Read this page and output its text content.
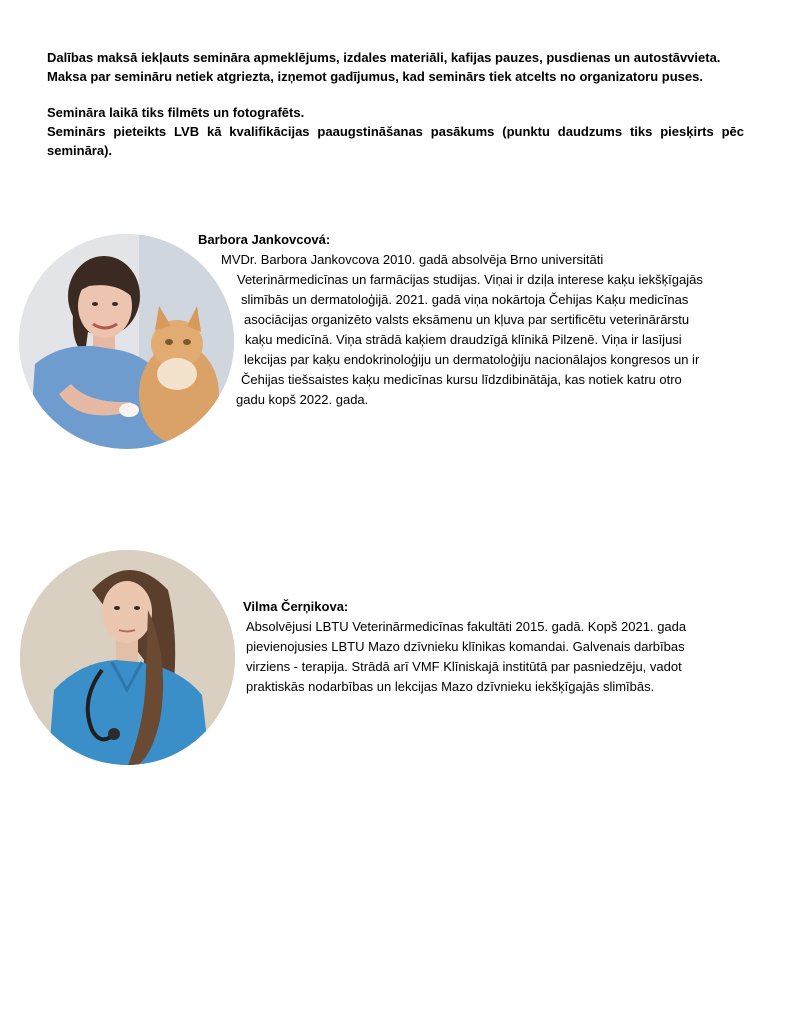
Dalības maksā iekļauts semināra apmeklējums, izdales materiāli, kafijas pauzes, pusdienas un autostāvvieta.

Maksa par semināru netiek atgriezta, izņemot gadījumus, kad seminārs tiek atcelts no organizatoru puses.

Semināra laikā tiks filmēts un fotografēts.

Seminārs pieteikts LVB kā kvalifikācijas paaugstināšanas pasākums (punktu daudzums tiks piesķirts pēc semināra).

Barbora Jankovcová:

MVDr. Barbora Jankovcova 2010. gadā absolvēja Brno universitāti

Veterinārmedicīnas un farmācijas studijas. Viņai ir dziļa interese kaķu iekšķīgajās

slimībās un dermatoloģijā. 2021. gadā viņa nokārtoja Čehijas Kaķu medicīnas

asociācijas organizēto valsts eksāmenu un kļuva par sertificētu veterinārārstu

kaķu medicīnā. Viņa strādā kaķiem draudzīgā klīnikā Pilzenē. Viņa ir lasījusi

lekcijas par kaķu endokrinoloģiju un dermatoloģiju nacionālajos kongresos un ir

Čehijas tiešsaistes kaķu medicīnas kursu līdzdibinātāja, kas notiek katru otro

gadu kopš 2022. gada.

Vilma Čerņikova:

Absolvējusi LBTU Veterinārmedicīnas fakultāti 2015. gadā. Kopš 2021. gada

pievienojusies LBTU Mazo dzīvnieku klīnikas komandai. Galvenais darbības

virziens - terapija. Strādā arī VMF Klīniskajā institūtā par pasniedzēju, vadot

praktiskās nodarbības un lekcijas Mazo dzīvnieku iekšķīgajās slimībās.
